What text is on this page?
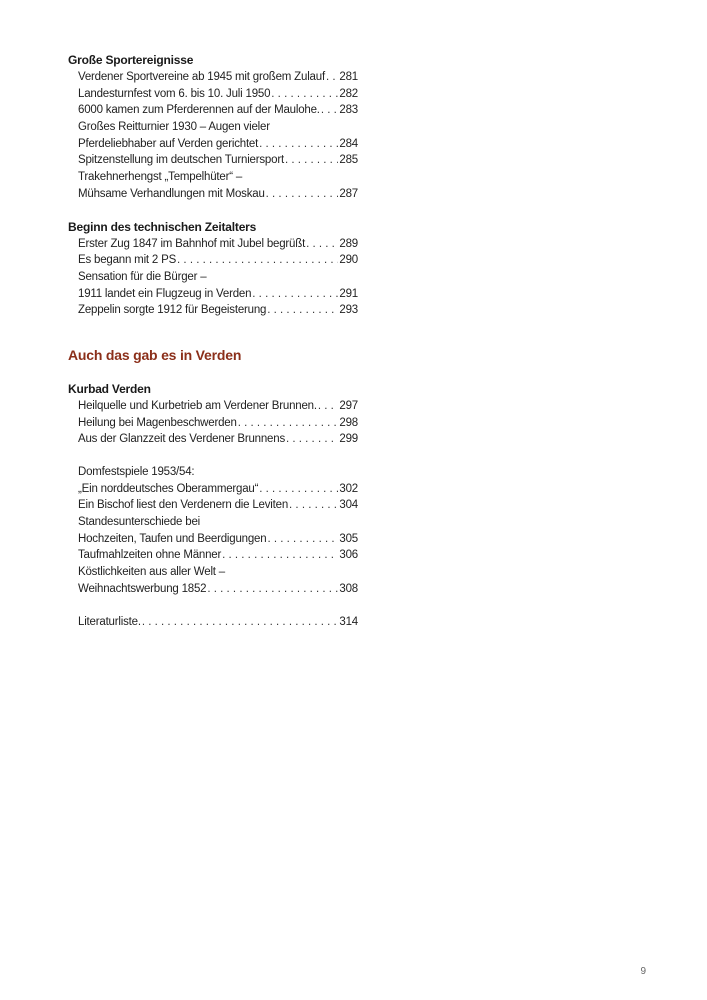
Große Sportereignisse
Verdener Sportvereine ab 1945 mit großem Zulauf . . . 281
Landesturnfest vom 6. bis 10. Juli 1950 . . .	282
6000 kamen zum Pferderennen auf der Maulohe. . . . 283
Großes Reitturnier 1930 – Augen vieler
Pferdeliebhaber auf Verden gerichtet . . .	284
Spitzenstellung im deutschen Turniersport . . .	285
Trakehnerhengst „Tempelhüter“ –
Mühsame Verhandlungen mit Moskau . . .	287
Beginn des technischen Zeitalters
Erster Zug 1847 im Bahnhof mit Jubel begrüßt . . .	289
Es begann mit 2 PS . . .	290
Sensation für die Bürger –
1911 landet ein Flugzeug in Verden . . .	291
Zeppelin sorgte 1912 für Begeisterung . . .	293
Auch das gab es in Verden
Kurbad Verden
Heilquelle und Kurbetrieb am Verdener Brunnen. . . . 297
Heilung bei Magenbeschwerden . . .	298
Aus der Glanzzeit des Verdener Brunnens . . .	299
Domfestspiele 1953/54:
„Ein norddeutsches Oberammergau“ . . .	302
Ein Bischof liest den Verdenern die Leviten . . .	304
Standesunterschiede bei
Hochzeiten, Taufen und Beerdigungen . . .	305
Taufmahlzeiten ohne Männer . . .	306
Köstlichkeiten aus aller Welt –
Weihnachtswerbung 1852 . . .	308
Literaturliste. . . .	314
9
